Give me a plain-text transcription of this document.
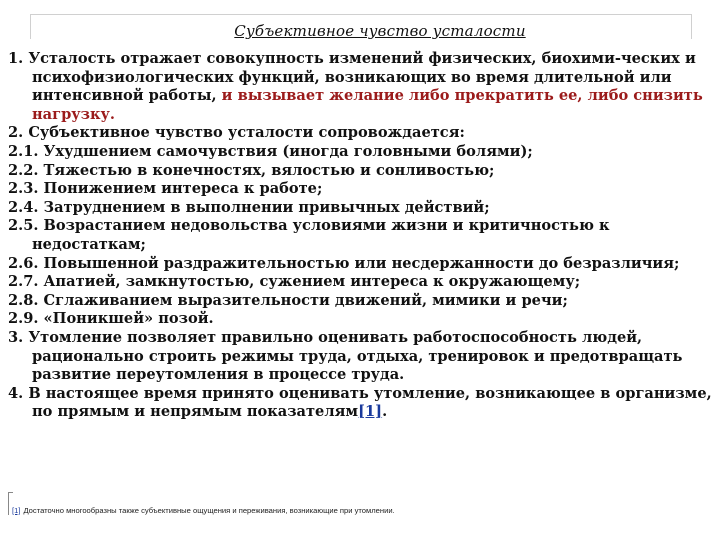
Субъективное чувство усталости

1. Усталость отражает совокупность изменений физических, биохими-ческих и психофизиологических функций, возникающих во время длительной или интенсивной работы, и вызывает желание либо прекратить ее, либо снизить нагрузку.

2. Субъективное чувство усталости сопровождается:

2.1. Ухудшением самочувствия (иногда головными болями);

2.2. Тяжестью в конечностях, вялостью и сонливостью;

2.3. Понижением интереса к работе;

2.4. Затруднением в выполнении привычных действий;

2.5. Возрастанием недовольства условиями жизни и критичностью к недостаткам;

2.6. Повышенной раздражительностью или несдержанности до безразличия;

2.7. Апатией, замкнутостью, сужением интереса к окружающему;

2.8. Сглаживанием выразительности движений, мимики и речи;

2.9. «Поникшей» позой.

3. Утомление позволяет правильно оценивать работоспособность людей, рационально строить режимы труда, отдыха, тренировок и предотвращать развитие переутомления в процессе труда.

4. В настоящее время принято оценивать утомление, возникающее в организме, по прямым и непрямым показателям[1].

[1] Достаточно многообразны также субъективные ощущения и переживания, возникающие при утомлении.
